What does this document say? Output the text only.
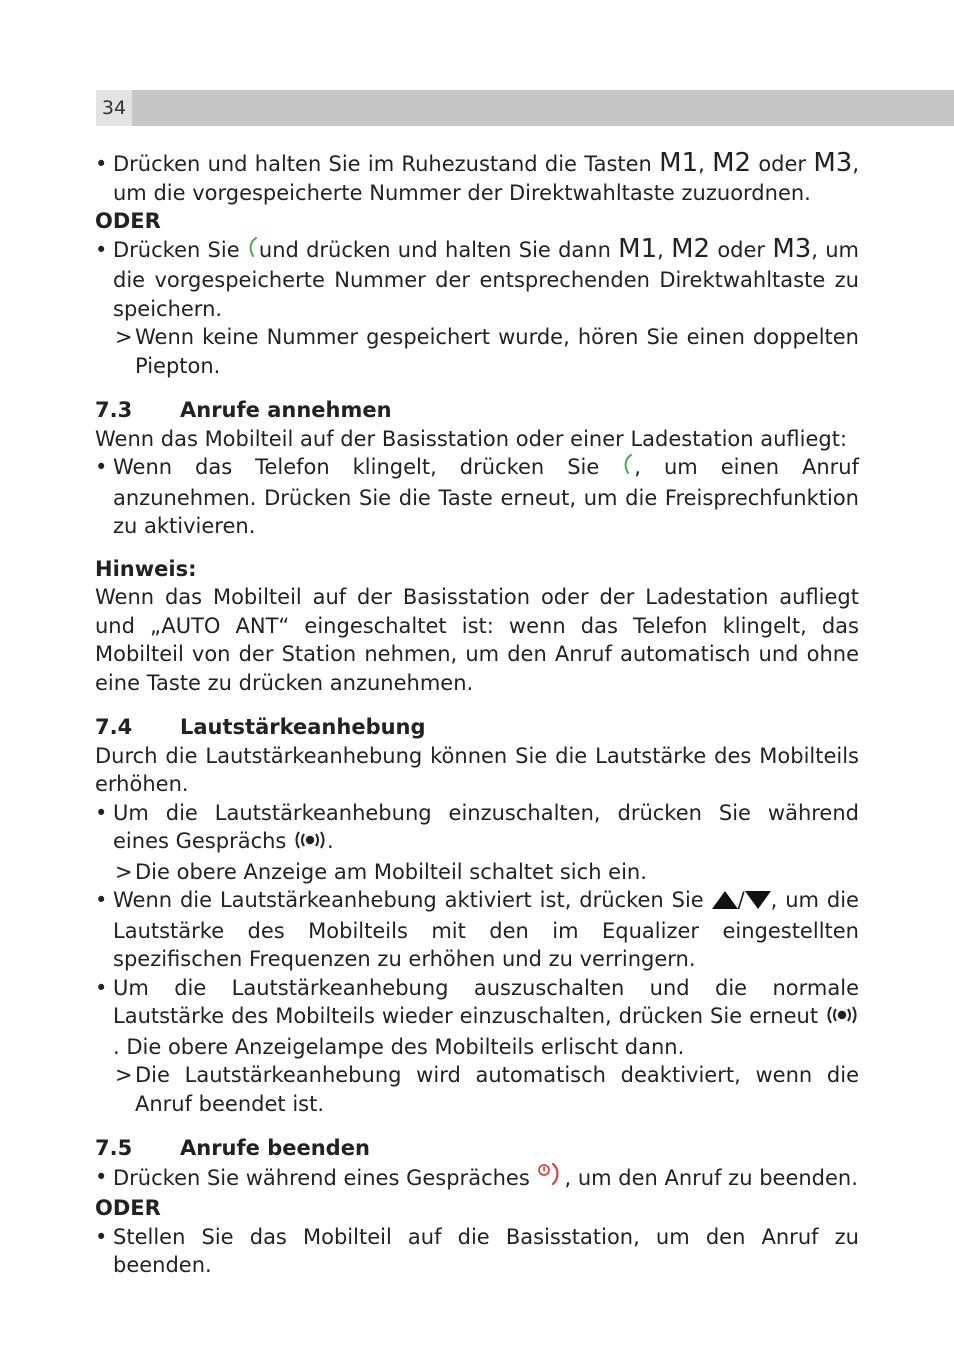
34

• Drücken und halten Sie im Ruhezustand die Tasten M1, M2 oder M3, um die vorgespeicherte Nummer der Direktwahltaste zuzuordnen.

ODER

• Drücken Sie und drücken und halten Sie dann M1, M2 oder M3, um die vorgespeicherte Nummer der entsprechenden Direktwahltaste zu speichern.

> Wenn keine Nummer gespeichert wurde, hören Sie einen doppelten Piepton.

7.3	Anrufe annehmen

Wenn das Mobilteil auf der Basisstation oder einer Ladestation aufliegt:

• Wenn das Telefon klingelt, drücken Sie , um einen Anruf anzunehmen. Drücken Sie die Taste erneut, um die Freisprechfunktion zu aktivieren.

Hinweis:

Wenn das Mobilteil auf der Basisstation oder der Ladestation aufliegt und „AUTO ANT“ eingeschaltet ist: wenn das Telefon klingelt, das Mobilteil von der Station nehmen, um den Anruf automatisch und ohne eine Taste zu drücken anzunehmen.

7.4	Lautstärkeanhebung

Durch die Lautstärkeanhebung können Sie die Lautstärke des Mobilteils erhöhen.

• Um die Lautstärkeanhebung einzuschalten, drücken Sie während eines Gesprächs .

> Die obere Anzeige am Mobilteil schaltet sich ein.

• Wenn die Lautstärkeanhebung aktiviert ist, drücken Sie / , um die Lautstärke des Mobilteils mit den im Equalizer eingestellten spezifischen Frequenzen zu erhöhen und zu verringern.

• Um die Lautstärkeanhebung auszuschalten und die normale Lautstärke des Mobilteils wieder einzuschalten, drücken Sie erneut . Die obere Anzeigelampe des Mobilteils erlischt dann.

> Die Lautstärkeanhebung wird automatisch deaktiviert, wenn die Anruf beendet ist.

7.5	Anrufe beenden

• Drücken Sie während eines Gespräches , um den Anruf zu beenden.

ODER

• Stellen Sie das Mobilteil auf die Basisstation, um den Anruf zu beenden.
